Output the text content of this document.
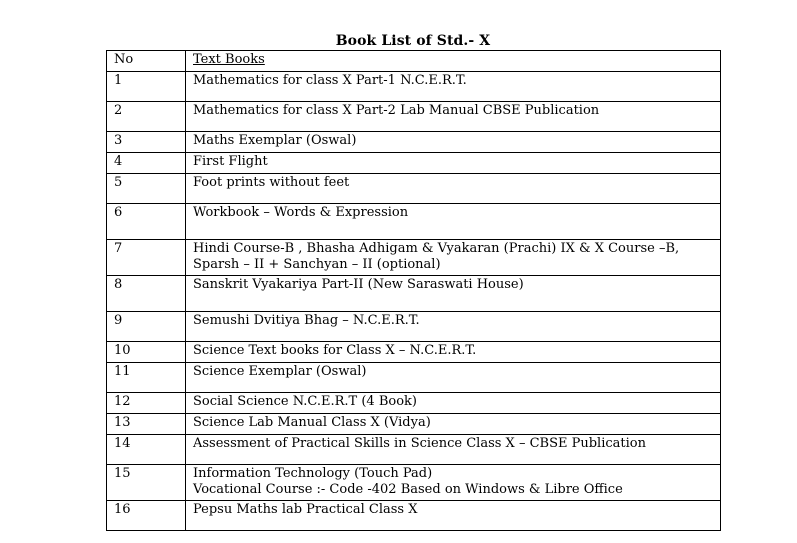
Book List of Std.- X
No	Text Books
1	Mathematics for class X Part-1 N.C.E.R.T.
2	Mathematics for class X Part-2 Lab Manual CBSE Publication
3	Maths Exemplar (Oswal)
4	First Flight
5	Foot prints without feet
6	Workbook – Words & Expression
7	Hindi Course-B , Bhasha Adhigam & Vyakaran (Prachi) IX & X Course –B, Sparsh – II + Sanchyan – II (optional)
8	Sanskrit Vyakariya Part-II (New Saraswati House)
9	Semushi Dvitiya Bhag – N.C.E.R.T.
10	Science Text books for Class X – N.C.E.R.T.
11	Science Exemplar (Oswal)
12	Social Science N.C.E.R.T (4 Book)
13	Science Lab Manual Class X (Vidya)
14	Assessment of Practical Skills in Science Class X – CBSE Publication
15	Information Technology (Touch Pad)
Vocational Course :- Code -402 Based on Windows & Libre Office

16	Pepsu Maths lab Practical Class X
